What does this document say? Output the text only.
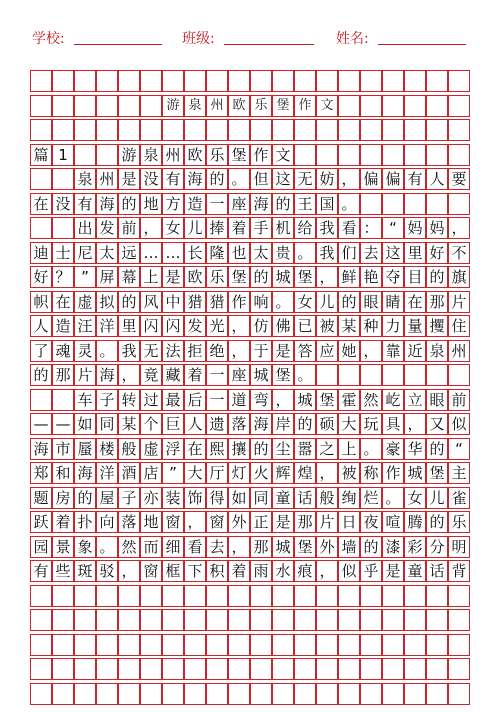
学校:	班级:	姓名:
游 泉 州 欧 乐 堡 作 文
篇 1	游 泉 州 欧 乐 堡 作 文
泉 州 是 没 有 海 的 。 但 这 无 妨 ， 偏 偏 有 人 要
在 没 有 海 的 地 方 造 一 座 海 的 王 国 。
出 发 前 ， 女 儿 捧 着 手 机 给 我 看 ： “ 妈 妈 ，
迪 士 尼 太 远 … … 长 隆 也 太 贵 。 我 们 去 这 里 好 不
好 ？ ” 屏 幕 上 是 欧 乐 堡 的 城 堡 ， 鲜 艳 夺 目 的 旗
帜 在 虚 拟 的 风 中 猎 猎 作 响 。 女 儿 的 眼 睛 在 那 片
人 造 汪 洋 里 闪 闪 发 光 ， 仿 佛 已 被 某 种 力 量 攫 住
了 魂 灵 。 我 无 法 拒 绝 ， 于 是 答 应 她 ， 靠 近 泉 州
的 那 片 海 ， 竟 藏 着 一 座 城 堡 。
车 子 转 过 最 后 一 道 弯 ， 城 堡 霍 然 屹 立 眼 前
— — 如 同 某 个 巨 人 遗 落 海 岸 的 硕 大 玩 具 ， 又 似
海 市 蜃 楼 般 虚 浮 在 熙 攘 的 尘 嚣 之 上 。 豪 华 的 “
郑 和 海 洋 酒 店 ” 大 厅 灯 火 辉 煌 ， 被 称 作 城 堡 主
题 房 的 屋 子 亦 装 饰 得 如 同 童 话 般 绚 烂 。 女 儿 雀
跃 着 扑 向 落 地 窗 ， 窗 外 正 是 那 片 日 夜 喧 腾 的 乐
园 景 象 。 然 而 细 看 去 ， 那 城 堡 外 墙 的 漆 彩 分 明
有 些 斑 驳 ， 窗 框 下 积 着 雨 水 痕 ， 似 乎 是 童 话 背
